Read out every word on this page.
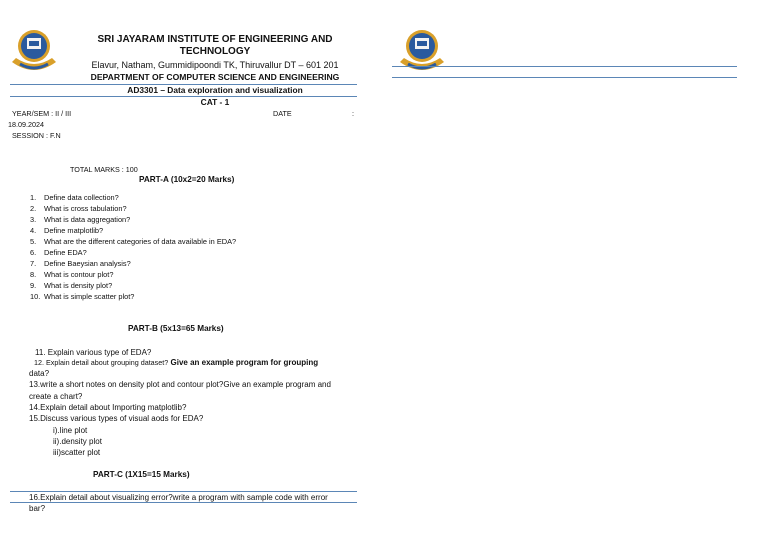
SRI JAYARAM INSTITUTE OF ENGINEERING AND
TECHNOLOGY
Elavur, Natham, Gummidipoondi TK, Thiruvallur DT – 601 201
DEPARTMENT OF COMPUTER SCIENCE AND ENGINEERING
AD3301 – Data exploration and visualization
CAT - 1
YEAR/SEM : II / III	DATE	:
18.09.2024
SESSION : F.N
TOTAL MARKS : 100
PART-A (10x2=20 Marks)
1. Define data collection?
2. What is cross tabulation?
3. What is data aggregation?
4. Define matplotlib?
5. What are the different categories of data available in EDA?
6. Define EDA?
7. Define Baeysian analysis?
8. What is contour plot?
9. What is density plot?
10. What is simple scatter plot?
PART-B (5x13=65 Marks)
11. Explain various type of EDA?
12. Explain detail about grouping dataset? Give an example program for grouping
data?
13.write a short notes on density plot and contour plot?Give an example program and
create a chart?
14.Explain detail about Importing matplotlib?
15.Discuss various types of visual aods for EDA?
i).line plot
ii).density plot
iii)scatter plot
PART-C (1X15=15 Marks)
16.Explain detail about visualizing error?write a program with sample code with error
bar?
